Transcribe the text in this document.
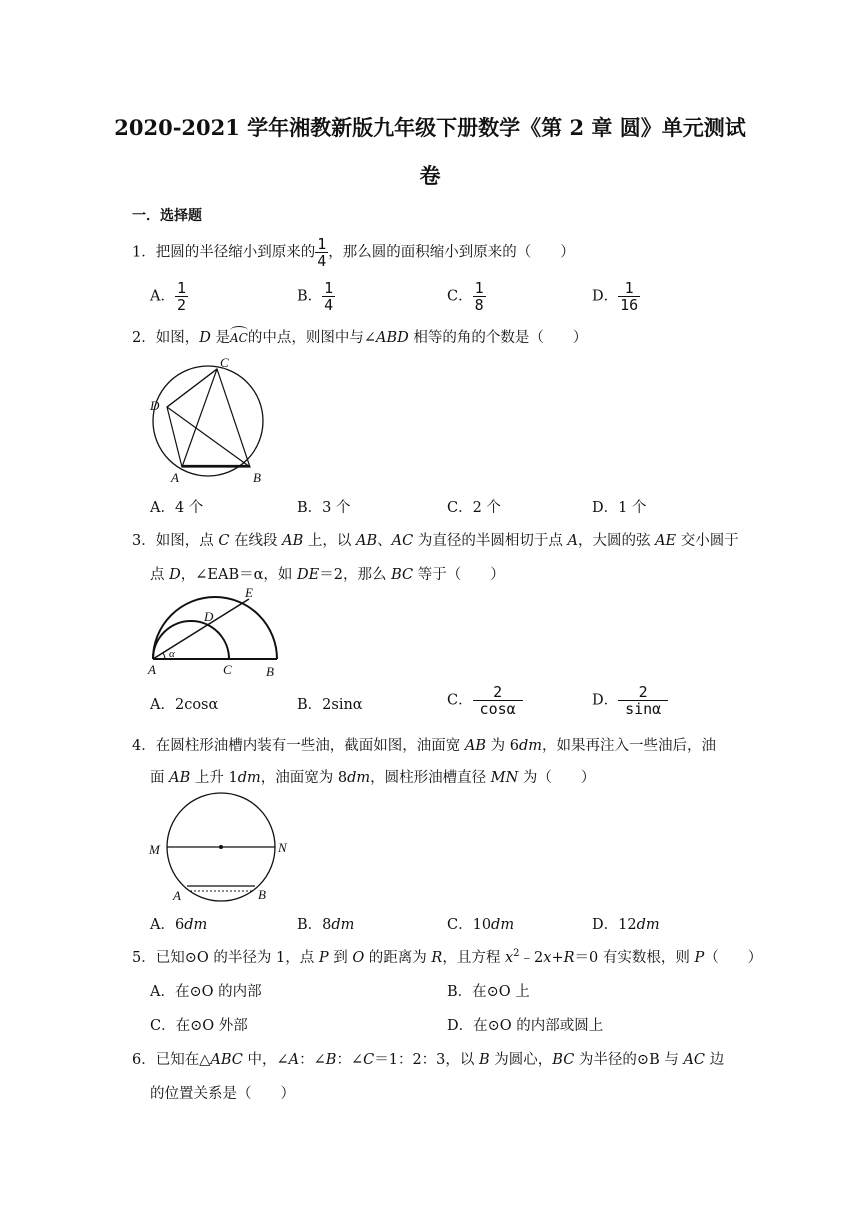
2020-2021 学年湘教新版九年级下册数学《第 2 章 圆》单元测试
卷
一．选择题
1．把圆的半径缩小到原来的 $\frac{1}{4}$ ，那么圆的面积缩小到原来的（　　）
A． $\frac{1}{2}$	B． $\frac{1}{4}$	C． $\frac{1}{8}$	D． $\frac{1}{16}$
2．如图，D 是AC的中点，则图中与∠ABD 相等的角的个数是（　　）
C
D
A	B
A．4 个	B．3 个	C．2 个	D．1 个
3．如图，点 C 在线段 AB 上，以 AB、AC 为直径的半圆相切于点 A，大圆的弦 AE 交小圆于
点 D，∠EAB＝α，如 DE＝2，那么 BC 等于（　　）
E
D
α
A	C	B
A．2cosα	B．2sinα	C． $\frac{2}{\cos\alpha}$	D． $\frac{2}{\sin\alpha}$
4．在圆柱形油槽内装有一些油，截面如图，油面宽 AB 为 6dm，如果再注入一些油后，油
面 AB 上升 1dm，油面宽为 8dm，圆柱形油槽直径 MN 为（　　）
M	N
A	B
A．6dm	B．8dm	C．10dm	D．12dm
5．已知⊙O 的半径为 1，点 P 到 O 的距离为 R，且方程 $x^2﹣2x+R=0$ 有实数根，则 P（　　）
A．在⊙O 的内部	B．在⊙O 上
C．在⊙O 外部	D．在⊙O 的内部或圆上
6．已知在△ABC 中，∠A：∠B：∠C＝1：2：3，以 B 为圆心，BC 为半径的⊙B 与 AC 边
的位置关系是（　　）
